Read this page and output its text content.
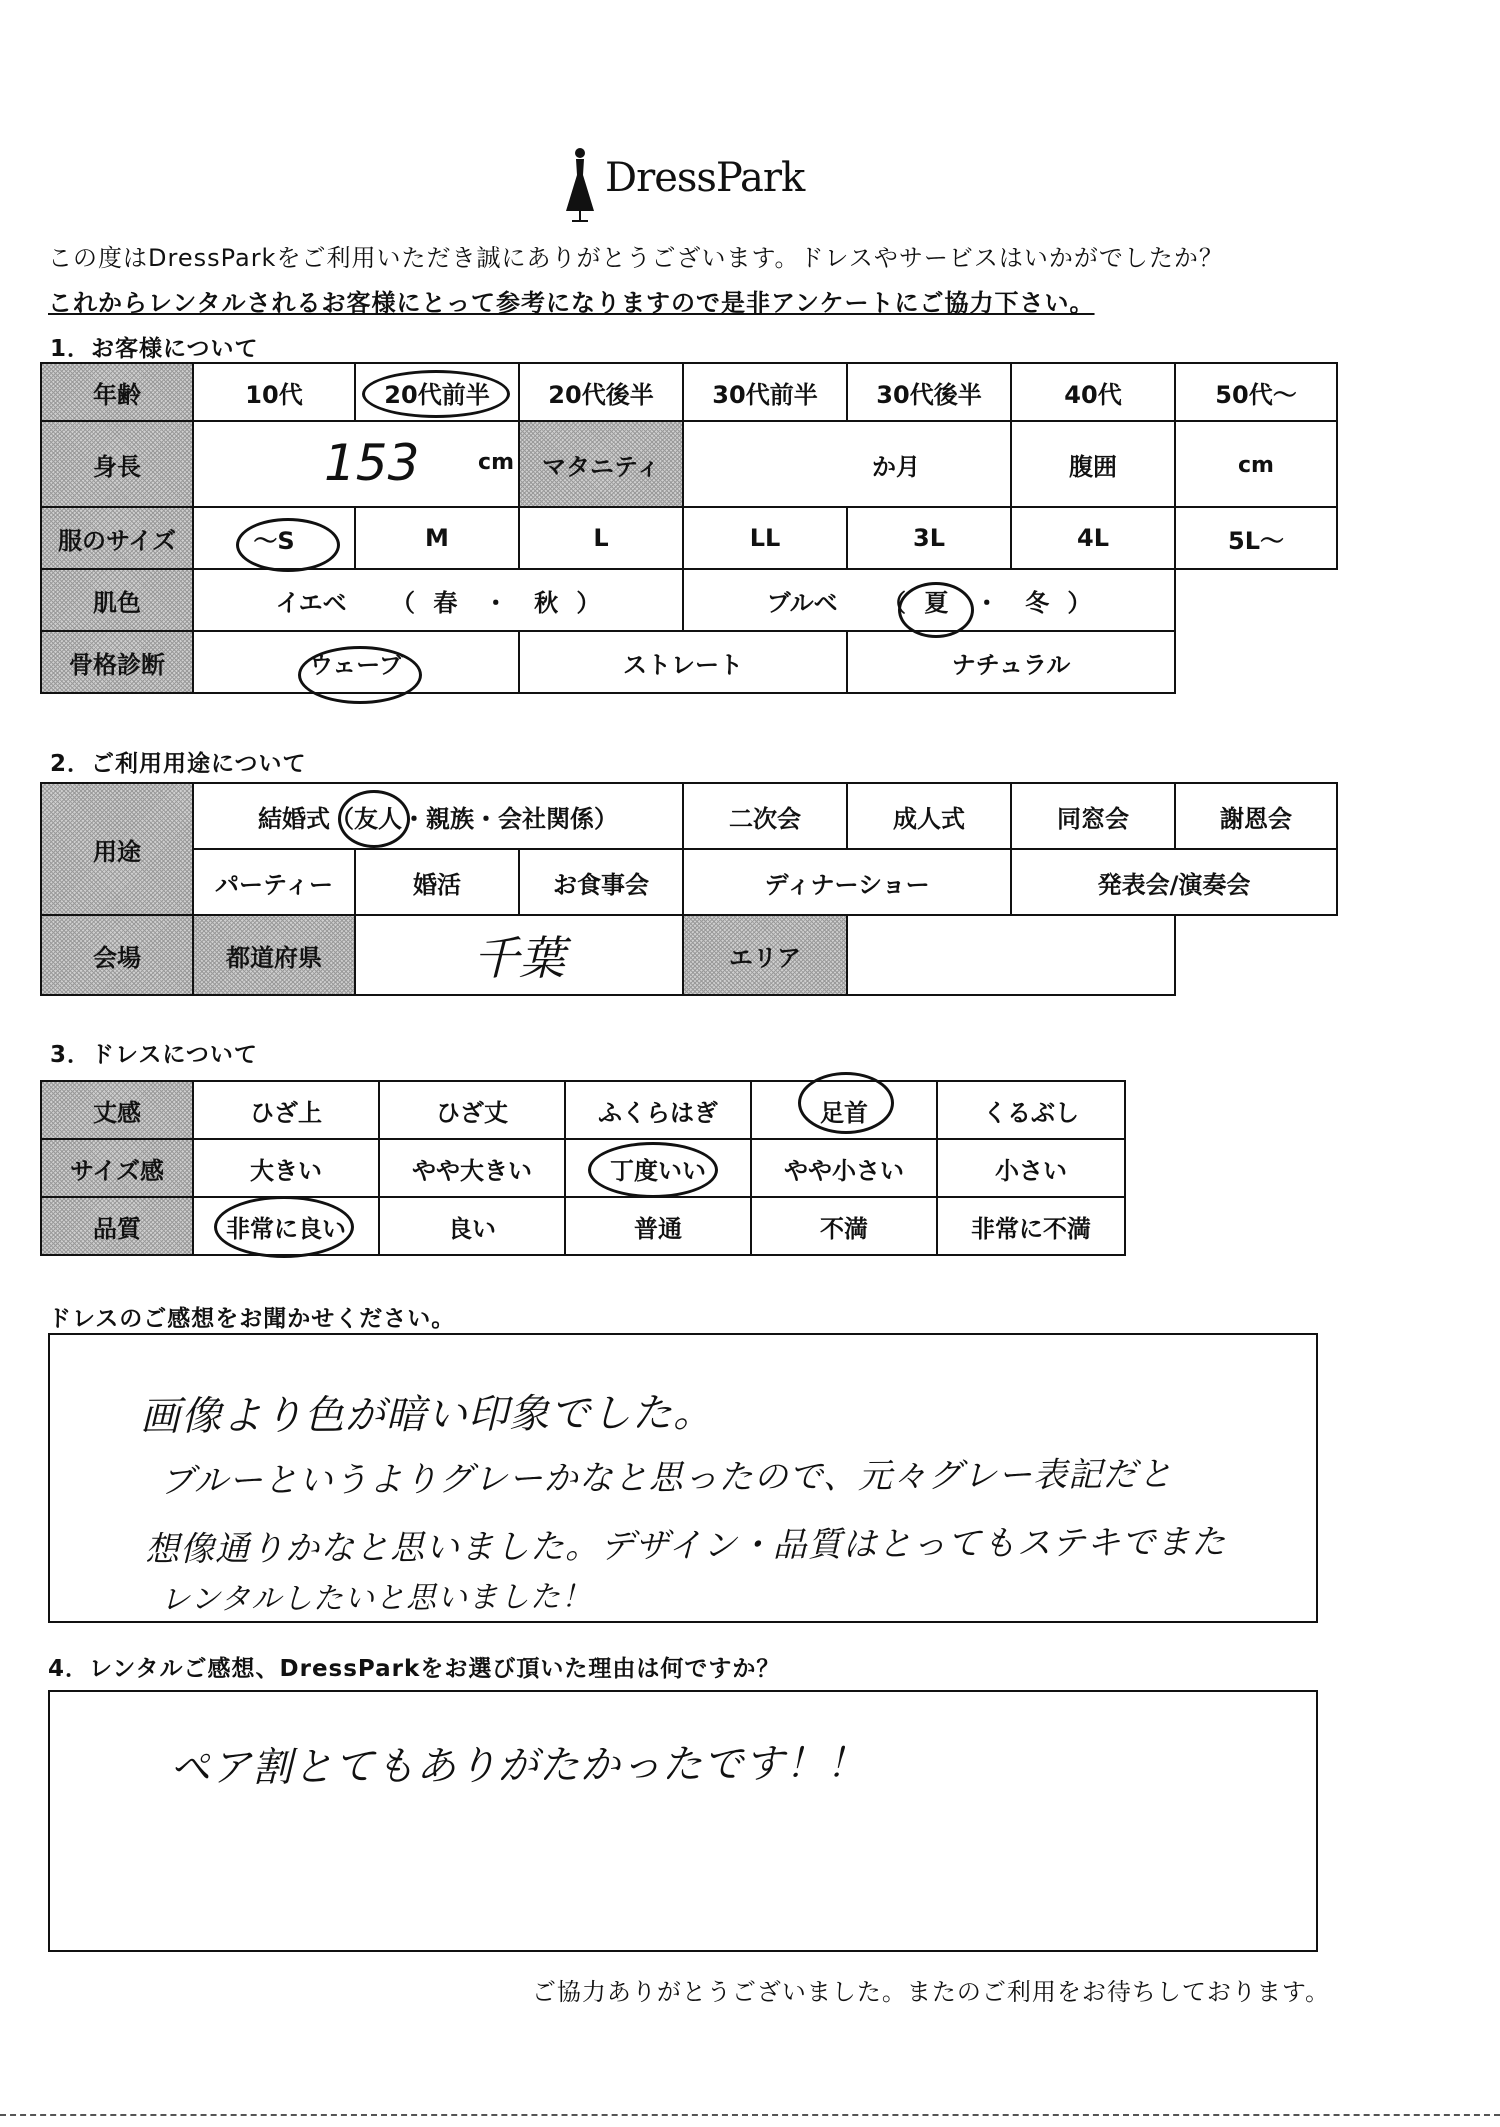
DressPark
この度はDressParkをご利用いただき誠にありがとうございます。ドレスやサービスはいかがでしたか？
これからレンタルされるお客様にとって参考になりますので是非アンケートにご協力下さい。
1．お客様について
年齢	10代	20代前半	20代後半	30代前半	30代後半	40代	50代～
身長	153 cm		マタニティ	か月		腹囲	cm
服のサイズ	～S	M	L	LL	3L	4L	5L～
肌色	イエベ （ 春 ・ 秋 ）			ブルベ （ 夏 ・ 冬 ）			
骨格診断	ウェーブ		ストレート		ナチュラル		
2．ご利用用途について
用途	結婚式（友人・親族・会社関係）			二次会	成人式	同窓会	謝恩会
	パーティー	婚活	お食事会	ディナーショー		発表会/演奏会	
会場	都道府県	千葉		エリア			
3．ドレスについて
丈感	ひざ上	ひざ丈	ふくらはぎ	足首	くるぶし
サイズ感	大きい	やや大きい	丁度いい	やや小さい	小さい
品質	非常に良い	良い	普通	不満	非常に不満
ドレスのご感想をお聞かせください。
画像より色が暗い印象でした。
ブルーというよりグレーかなと思ったので、元々グレー表記だと
想像通りかなと思いました。デザイン・品質はとってもステキでまた
レンタルしたいと思いました！
4．レンタルご感想、DressParkをお選び頂いた理由は何ですか？
ペア割とてもありがたかったです！！
ご協力ありがとうございました。またのご利用をお待ちしております。
